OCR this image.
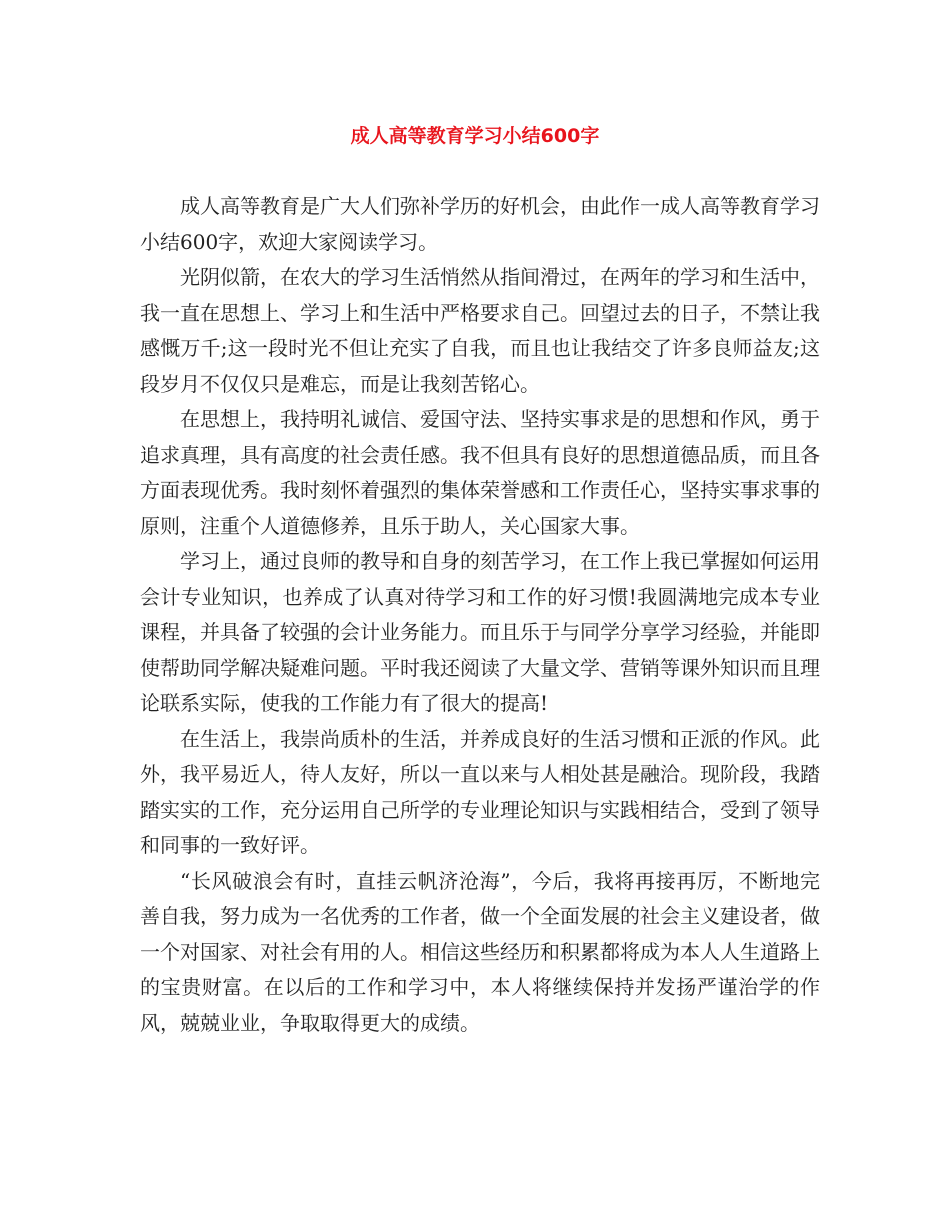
成人高等教育学习小结600字

成人高等教育是广大人们弥补学历的好机会，由此作一成人高等教育学习小结600字，欢迎大家阅读学习。

光阴似箭，在农大的学习生活悄然从指间滑过，在两年的学习和生活中，我一直在思想上、学习上和生活中严格要求自己。回望过去的日子，不禁让我感慨万千;这一段时光不但让充实了自我，而且也让我结交了许多良师益友;这段岁月不仅仅只是难忘，而是让我刻苦铭心。

在思想上，我持明礼诚信、爱国守法、坚持实事求是的思想和作风，勇于追求真理，具有高度的社会责任感。我不但具有良好的思想道德品质，而且各方面表现优秀。我时刻怀着强烈的集体荣誉感和工作责任心，坚持实事求事的原则，注重个人道德修养，且乐于助人，关心国家大事。

学习上，通过良师的教导和自身的刻苦学习，在工作上我已掌握如何运用会计专业知识，也养成了认真对待学习和工作的好习惯!我圆满地完成本专业课程，并具备了较强的会计业务能力。而且乐于与同学分享学习经验，并能即使帮助同学解决疑难问题。平时我还阅读了大量文学、营销等课外知识而且理论联系实际，使我的工作能力有了很大的提高!

在生活上，我崇尚质朴的生活，并养成良好的生活习惯和正派的作风。此外，我平易近人，待人友好，所以一直以来与人相处甚是融洽。现阶段，我踏踏实实的工作，充分运用自己所学的专业理论知识与实践相结合，受到了领导和同事的一致好评。

“长风破浪会有时，直挂云帆济沧海”，今后，我将再接再厉，不断地完善自我，努力成为一名优秀的工作者，做一个全面发展的社会主义建设者，做一个对国家、对社会有用的人。相信这些经历和积累都将成为本人人生道路上的宝贵财富。在以后的工作和学习中，本人将继续保持并发扬严谨治学的作风，兢兢业业，争取取得更大的成绩。
